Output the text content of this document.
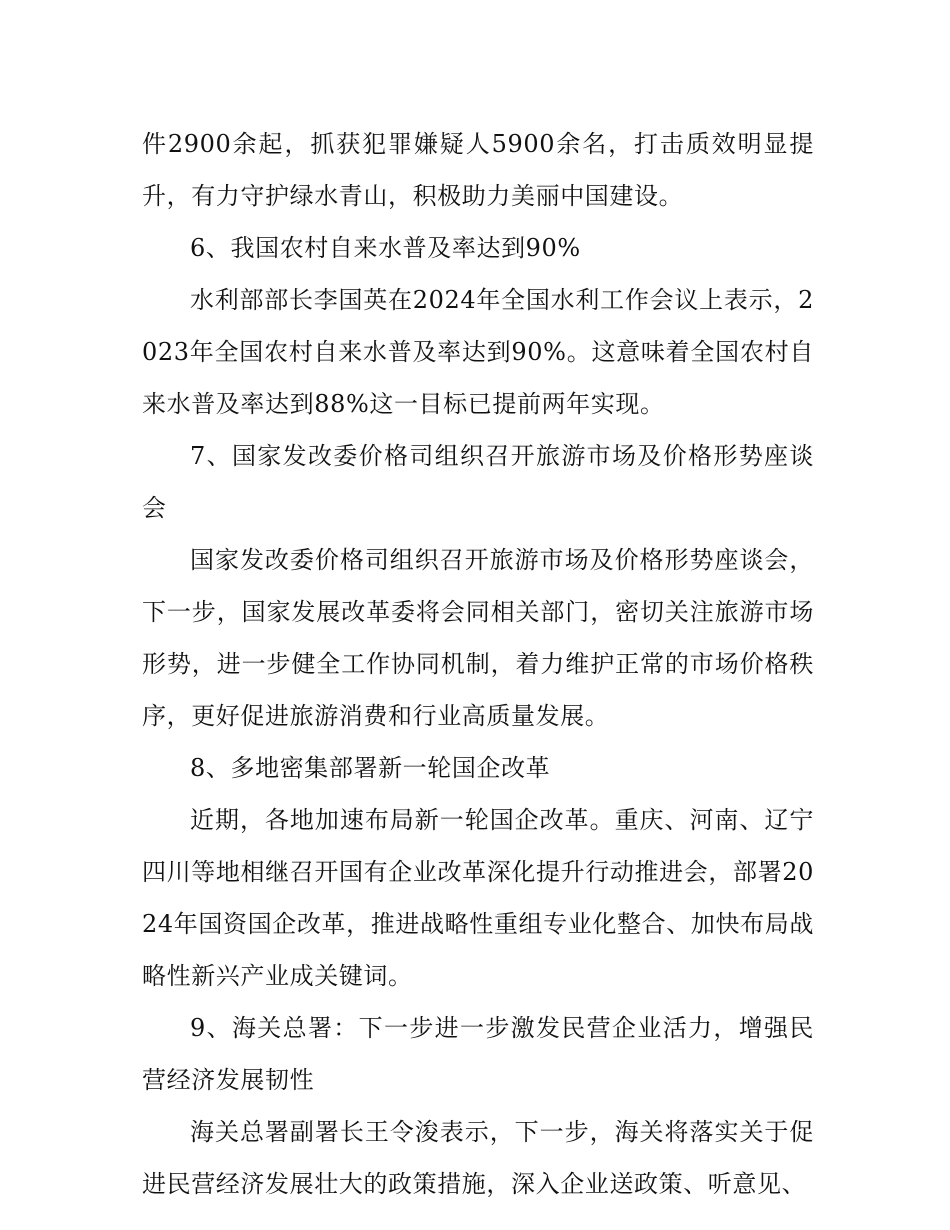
件2900余起，抓获犯罪嫌疑人5900余名，打击质效明显提升，有力守护绿水青山，积极助力美丽中国建设。

6、我国农村自来水普及率达到90%

水利部部长李国英在2024年全国水利工作会议上表示，2023年全国农村自来水普及率达到90%。这意味着全国农村自来水普及率达到88%这一目标已提前两年实现。

7、国家发改委价格司组织召开旅游市场及价格形势座谈会

国家发改委价格司组织召开旅游市场及价格形势座谈会，下一步，国家发展改革委将会同相关部门，密切关注旅游市场形势，进一步健全工作协同机制，着力维护正常的市场价格秩序，更好促进旅游消费和行业高质量发展。

8、多地密集部署新一轮国企改革

近期，各地加速布局新一轮国企改革。重庆、河南、辽宁四川等地相继召开国有企业改革深化提升行动推进会，部署2024年国资国企改革，推进战略性重组专业化整合、加快布局战略性新兴产业成关键词。

9、海关总署：下一步进一步激发民营企业活力，增强民营经济发展韧性

海关总署副署长王令浚表示，下一步，海关将落实关于促进民营经济发展壮大的政策措施，深入企业送政策、听意见、
